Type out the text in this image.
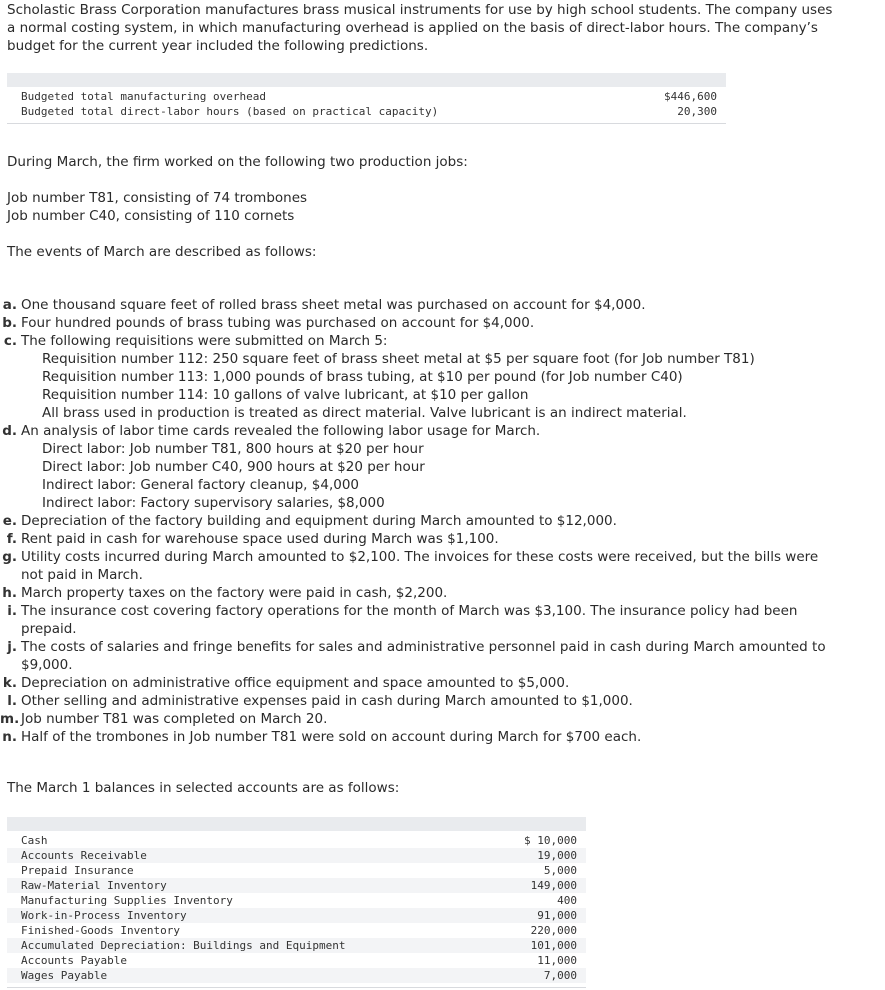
Scholastic Brass Corporation manufactures brass musical instruments for use by high school students. The company uses
a normal costing system, in which manufacturing overhead is applied on the basis of direct-labor hours. The company’s
budget for the current year included the following predictions.
Budgeted total manufacturing overhead	$446,600
Budgeted total direct-labor hours (based on practical capacity)	20,300
During March, the firm worked on the following two production jobs:
Job number T81, consisting of 74 trombones
Job number C40, consisting of 110 cornets
The events of March are described as follows:
a. One thousand square feet of rolled brass sheet metal was purchased on account for $4,000.
b. Four hundred pounds of brass tubing was purchased on account for $4,000.
c. The following requisitions were submitted on March 5:
Requisition number 112: 250 square feet of brass sheet metal at $5 per square foot (for Job number T81)
Requisition number 113: 1,000 pounds of brass tubing, at $10 per pound (for Job number C40)
Requisition number 114: 10 gallons of valve lubricant, at $10 per gallon
All brass used in production is treated as direct material. Valve lubricant is an indirect material.
d. An analysis of labor time cards revealed the following labor usage for March.
Direct labor: Job number T81, 800 hours at $20 per hour
Direct labor: Job number C40, 900 hours at $20 per hour
Indirect labor: General factory cleanup, $4,000
Indirect labor: Factory supervisory salaries, $8,000
e. Depreciation of the factory building and equipment during March amounted to $12,000.
f. Rent paid in cash for warehouse space used during March was $1,100.
g. Utility costs incurred during March amounted to $2,100. The invoices for these costs were received, but the bills were
not paid in March.
h. March property taxes on the factory were paid in cash, $2,200.
i. The insurance cost covering factory operations for the month of March was $3,100. The insurance policy had been
prepaid.
j. The costs of salaries and fringe benefits for sales and administrative personnel paid in cash during March amounted to
$9,000.
k. Depreciation on administrative office equipment and space amounted to $5,000.
l. Other selling and administrative expenses paid in cash during March amounted to $1,000.
m. Job number T81 was completed on March 20.
n. Half of the trombones in Job number T81 were sold on account during March for $700 each.
The March 1 balances in selected accounts are as follows:
Cash	$ 10,000
Accounts Receivable	19,000
Prepaid Insurance	5,000
Raw-Material Inventory	149,000
Manufacturing Supplies Inventory	400
Work-in-Process Inventory	91,000
Finished-Goods Inventory	220,000
Accumulated Depreciation: Buildings and Equipment	101,000
Accounts Payable	11,000
Wages Payable	7,000
